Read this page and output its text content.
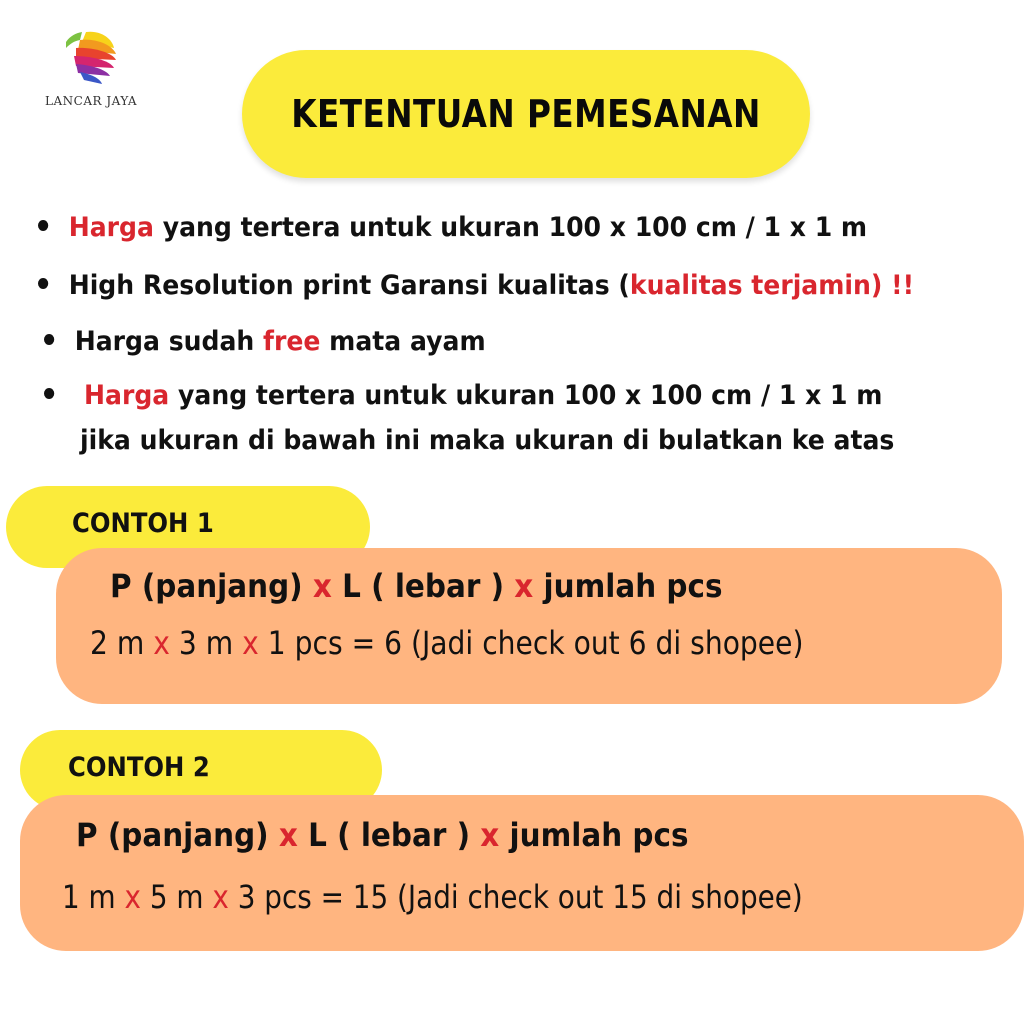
LANCAR JAYA	KETENTUAN PEMESANAN
Harga yang tertera untuk ukuran 100 x 100 cm / 1 x 1 m
High Resolution print Garansi kualitas (kualitas terjamin) !!
Harga sudah free mata ayam
Harga yang tertera untuk ukuran 100 x 100 cm / 1 x 1 m
jika ukuran di bawah ini maka ukuran di bulatkan ke atas
CONTOH 1
P (panjang) x L ( lebar ) x jumlah pcs
2 m x 3 m x 1 pcs = 6 (Jadi check out 6 di shopee)
CONTOH 2
P (panjang) x L ( lebar ) x jumlah pcs
1 m x 5 m x 3 pcs = 15 (Jadi check out 15 di shopee)
